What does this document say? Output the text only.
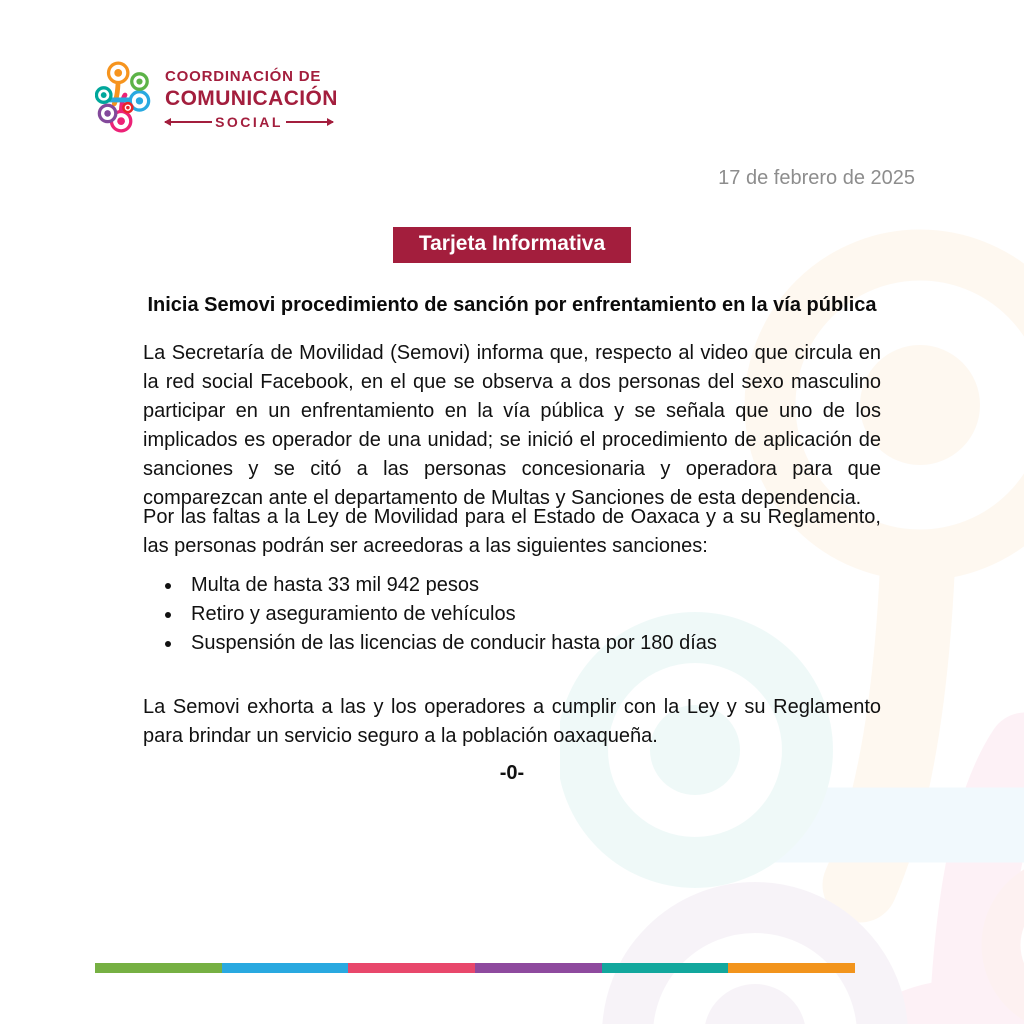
COORDINACIÓN DE
COMUNICACIÓN
SOCIAL
17 de febrero de 2025
Tarjeta Informativa
Inicia Semovi procedimiento de sanción por enfrentamiento en la vía pública

La Secretaría de Movilidad (Semovi) informa que, respecto al video que circula en la red social Facebook, en el que se observa a dos personas del sexo masculino participar en un enfrentamiento en la vía pública y se señala que uno de los implicados es operador de una unidad; se inició el procedimiento de aplicación de sanciones y se citó a las personas concesionaria y operadora para que comparezcan ante el departamento de Multas y Sanciones de esta dependencia.

Por las faltas a la Ley de Movilidad para el Estado de Oaxaca y a su Reglamento, las personas podrán ser acreedoras a las siguientes sanciones:

• Multa de hasta 33 mil 942 pesos
• Retiro y aseguramiento de vehículos
• Suspensión de las licencias de conducir hasta por 180 días

La Semovi exhorta a las y los operadores a cumplir con la Ley y su Reglamento para brindar un servicio seguro a la población oaxaqueña.

-0-
